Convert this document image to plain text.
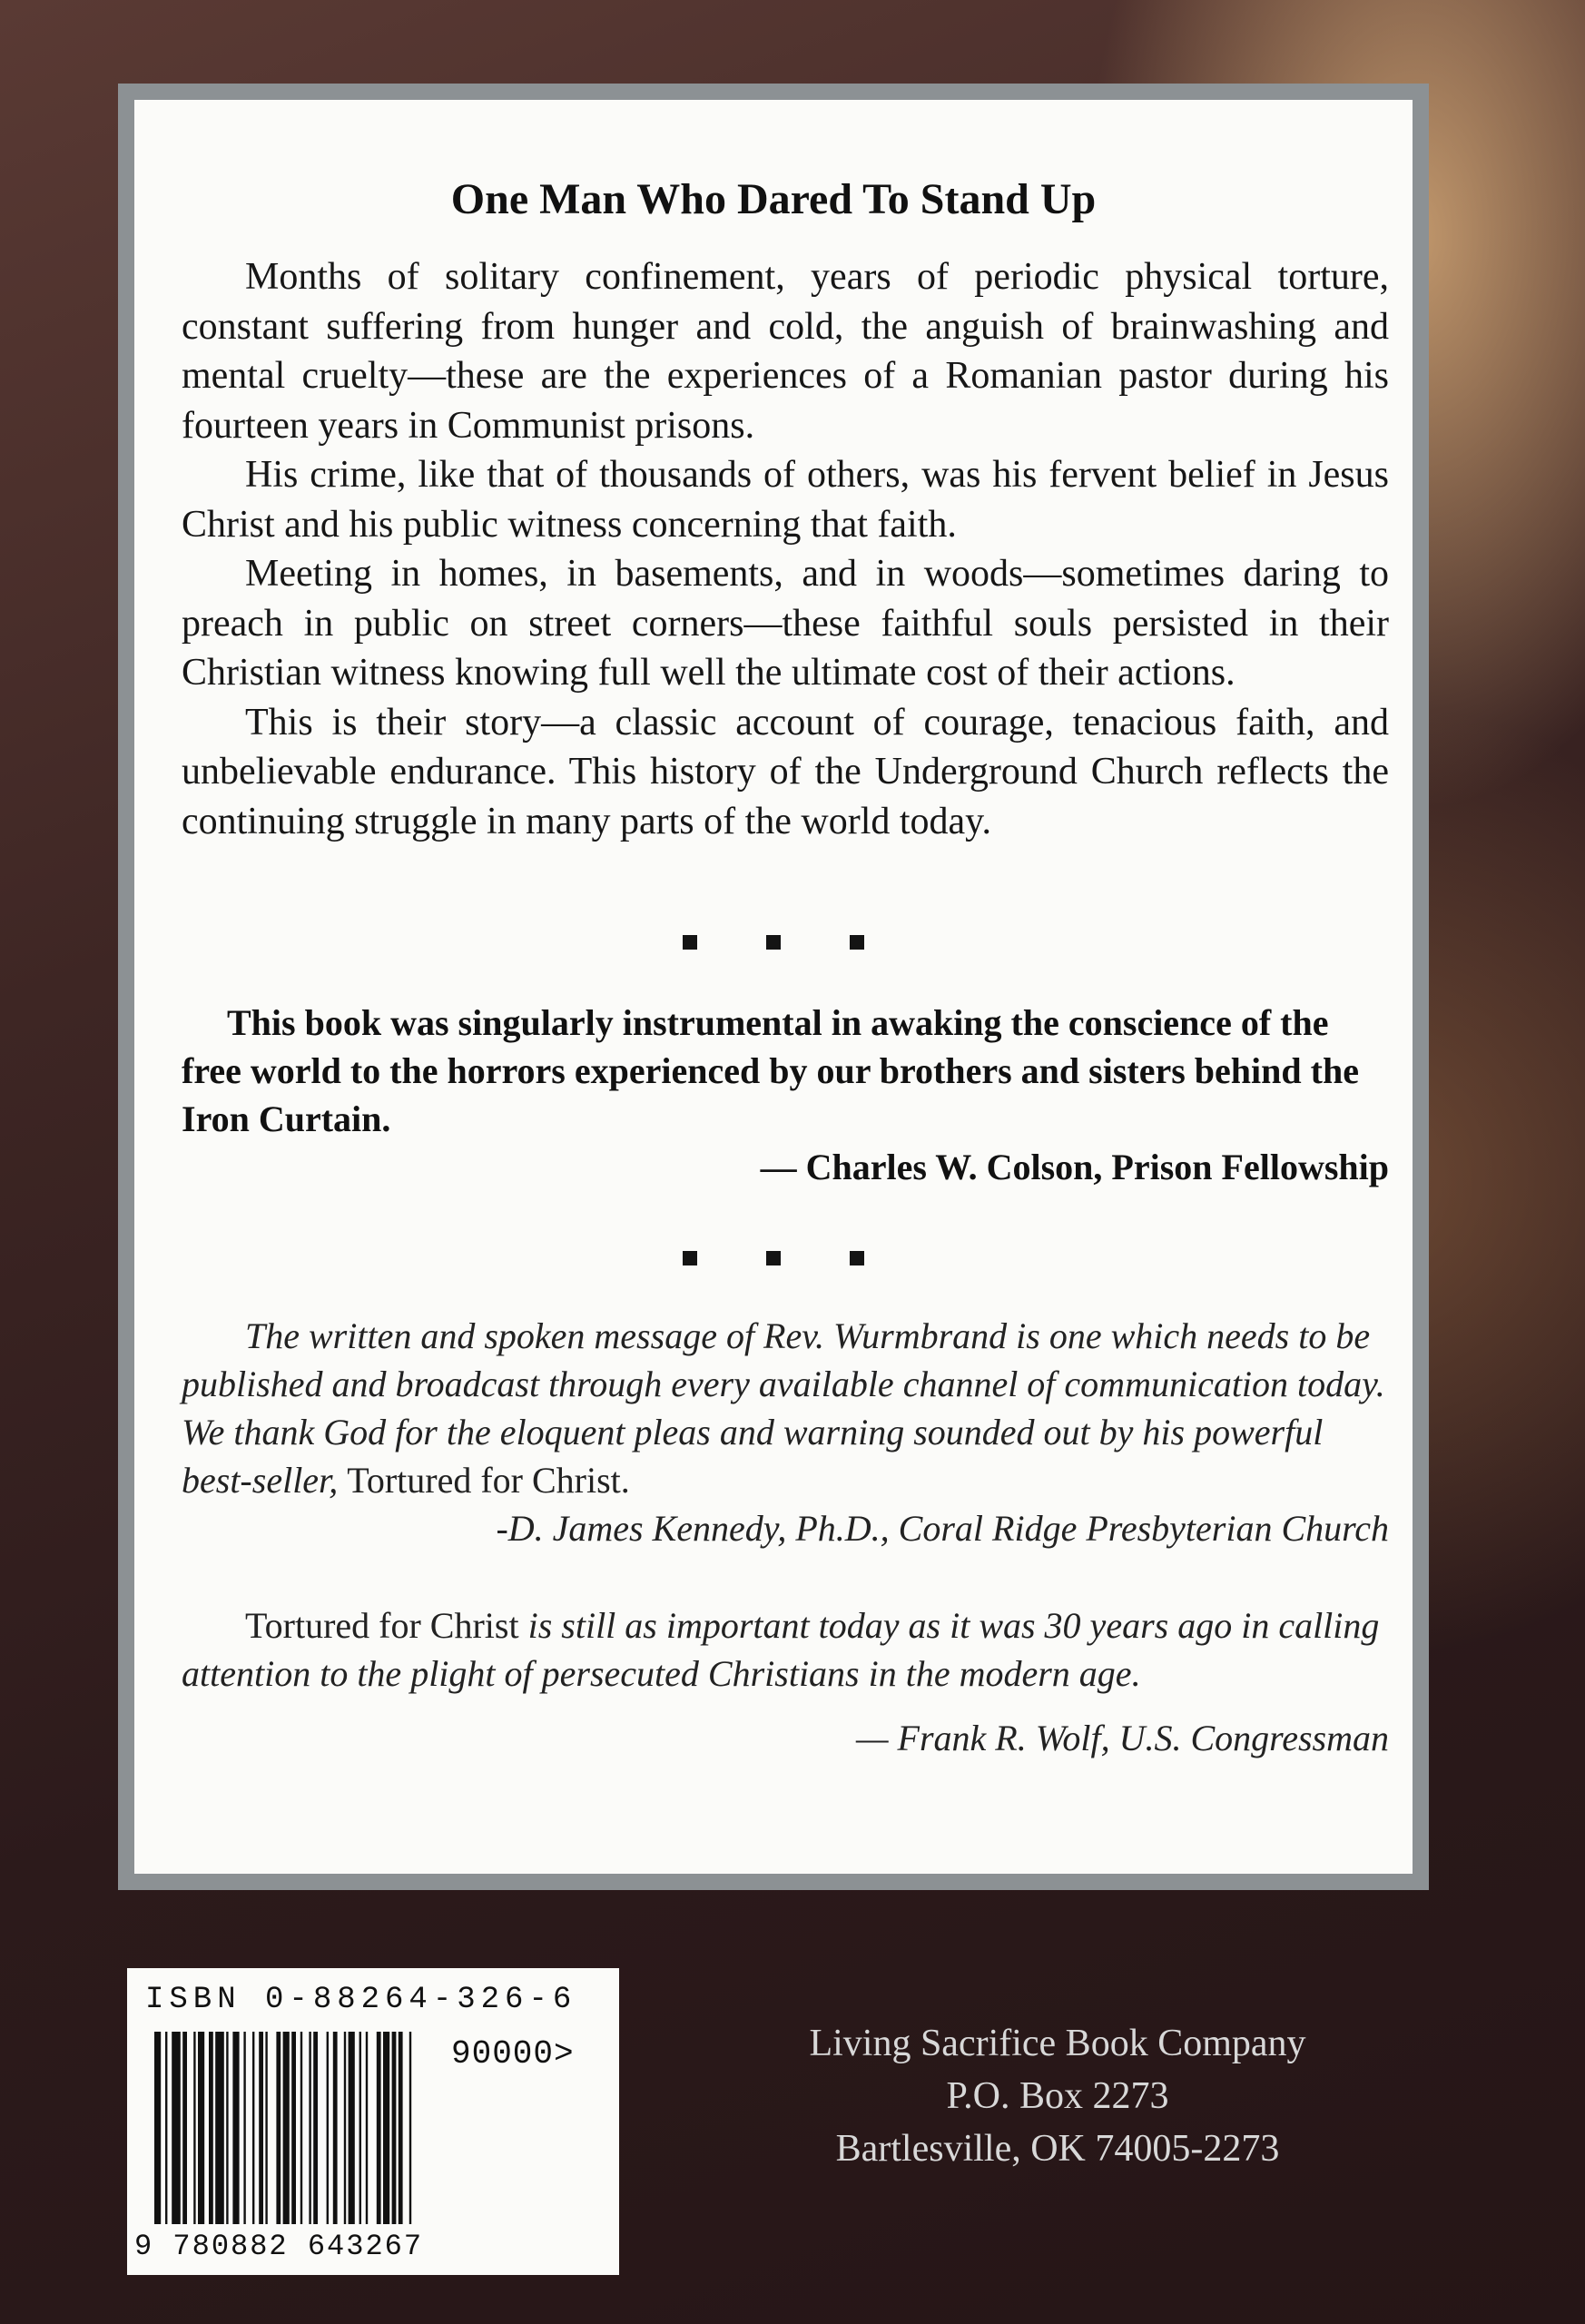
One Man Who Dared To Stand Up

Months of solitary confinement, years of periodic physical torture, constant suffering from hunger and cold, the anguish of brainwashing and mental cruelty—these are the experiences of a Romanian pastor during his fourteen years in Communist prisons.

His crime, like that of thousands of others, was his fervent belief in Jesus Christ and his public witness concerning that faith.

Meeting in homes, in basements, and in woods—sometimes daring to preach in public on street corners—these faithful souls persisted in their Christian witness knowing full well the ultimate cost of their actions.

This is their story—a classic account of courage, tenacious faith, and unbelievable endurance. This history of the Underground Church reflects the continuing struggle in many parts of the world today.

This book was singularly instrumental in awaking the conscience of the free world to the horrors experienced by our brothers and sisters behind the Iron Curtain.

— Charles W. Colson, Prison Fellowship

The written and spoken message of Rev. Wurmbrand is one which needs to be published and broadcast through every available channel of communication today. We thank God for the eloquent pleas and warning sounded out by his powerful best-seller, Tortured for Christ.

-D. James Kennedy, Ph.D., Coral Ridge Presbyterian Church

Tortured for Christ is still as important today as it was 30 years ago in calling attention to the plight of persecuted Christians in the modern age.

— Frank R. Wolf, U.S. Congressman

ISBN 0-88264-326-6
90000>
9 780882 643267
Living Sacrifice Book Company
P.O. Box 2273
Bartlesville, OK 74005-2273
